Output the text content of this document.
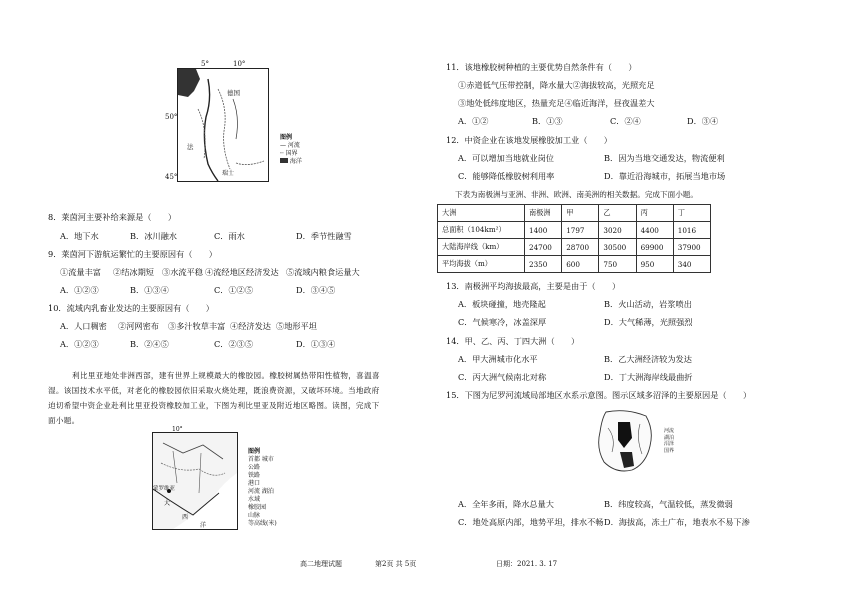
5°	10°
50°
45°
德国
法
瑞士
图例
— 河流
┄ 国界
海洋
8．莱茵河主要补给来源是（　　）
A．地下水	B．冰川融水	C．雨水	D．季节性融雪
9．莱茵河下游航运繁忙的主要原因有（　　）
①流量丰富 ②结冰期短 ③水流平稳 ④流经地区经济发达 ⑤流域内粮食运量大
A．①②③	B．①③④	C．①②⑤	D．③④⑤
10．流域内乳畜业发达的主要原因有（　　）
A．人口稠密 ②河网密布 ③多汁牧草丰富 ④经济发达 ⑤地形平坦
A．①②③	B．②④⑤	C．②③⑤	D．①③④
利比里亚地处非洲西部，建有世界上规模最大的橡胶园。橡胶树属热带阳性植物，喜温喜湿。该国技术水平低，对老化的橡胶园依旧采取火烧处理，既浪费资源，又破坏环境。当地政府迫切希望中资企业赴利比里亚投资橡胶加工业，下图为利比里亚及附近地区略图。读图，完成下面小题。
10°
蒙罗维亚
大
西
洋
图例
首都 城市
公路
铁路
港口
河流 湖泊
水域
橡胶园
山脉
等高线(米)
11．该地橡胶树种植的主要优势自然条件有（　　）
①赤道低气压带控制，降水量大②海拔较高，光照充足
③地处低纬度地区，热量充足④临近海洋，昼夜温差大
A．①②	B．①③	C．②④	D．③④
12．中资企业在该地发展橡胶加工业（　　）
A．可以增加当地就业岗位	B．因为当地交通发达，物流便利
C．能够降低橡胶树利用率	D．靠近沿海城市，拓展当地市场
下表为南极洲与亚洲、非洲、欧洲、南美洲的相关数据。完成下面小题。
大洲	南极洲	甲	乙	丙	丁
总面积（104km²）	1400	1797	3020	4400	1016
大陆海岸线（km）	24700	28700	30500	69900	37900
平均海拔（m）	2350	600	750	950	340
13．南极洲平均海拔最高，主要是由于（　　）
A．板块碰撞，地壳隆起	B．火山活动，岩浆喷出
C．气候寒冷，冰盖深厚	D．大气稀薄，光照强烈
14．甲、乙、丙、丁四大洲（　　）
A．甲大洲城市化水平	B．乙大洲经济较为发达
C．丙大洲气候南北对称	D．丁大洲海岸线最曲折
15．下图为尼罗河流域局部地区水系示意图。图示区域多沼泽的主要原因是（　　）
河流
湖泊
沼泽
国界
A．全年多雨，降水总量大	B．纬度较高，气温较低，蒸发微弱
C．地处高原内部，地势平坦，排水不畅 D．海拔高，冻土广布，地表水不易下渗
高二地理试题	第2页 共 5页	日期：2021. 3. 17
